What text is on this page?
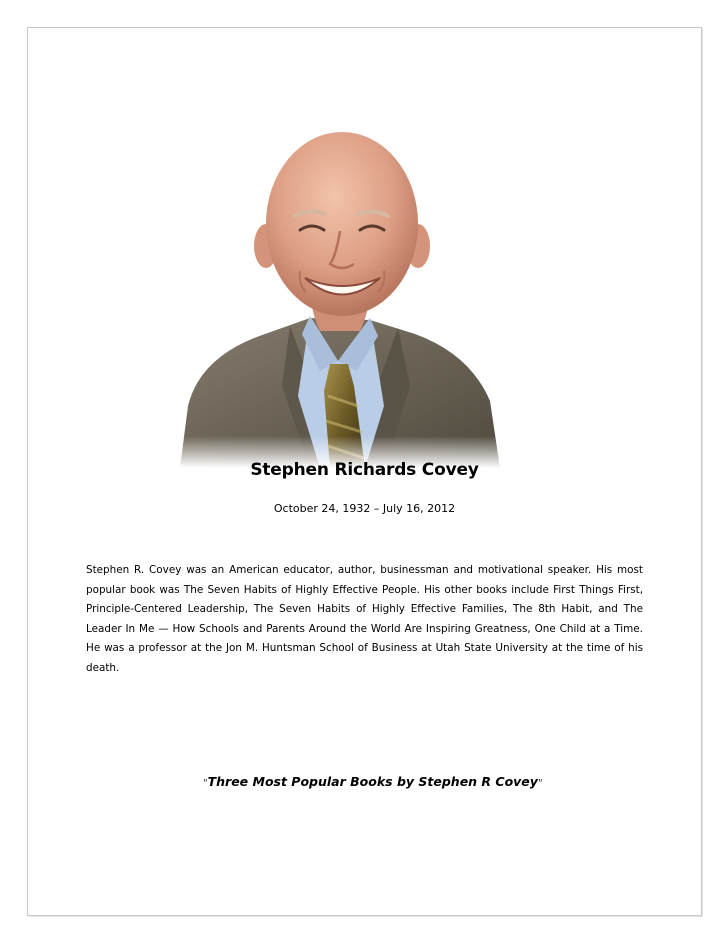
Stephen Richards Covey
October 24, 1932 – July 16, 2012

Stephen R. Covey was an American educator, author, businessman and motivational speaker. His most popular book was The Seven Habits of Highly Effective People. His other books include First Things First, Principle-Centered Leadership, The Seven Habits of Highly Effective Families, The 8th Habit, and The Leader In Me — How Schools and Parents Around the World Are Inspiring Greatness, One Child at a Time. He was a professor at the Jon M. Huntsman School of Business at Utah State University at the time of his death.

"Three Most Popular Books by Stephen R Covey"
